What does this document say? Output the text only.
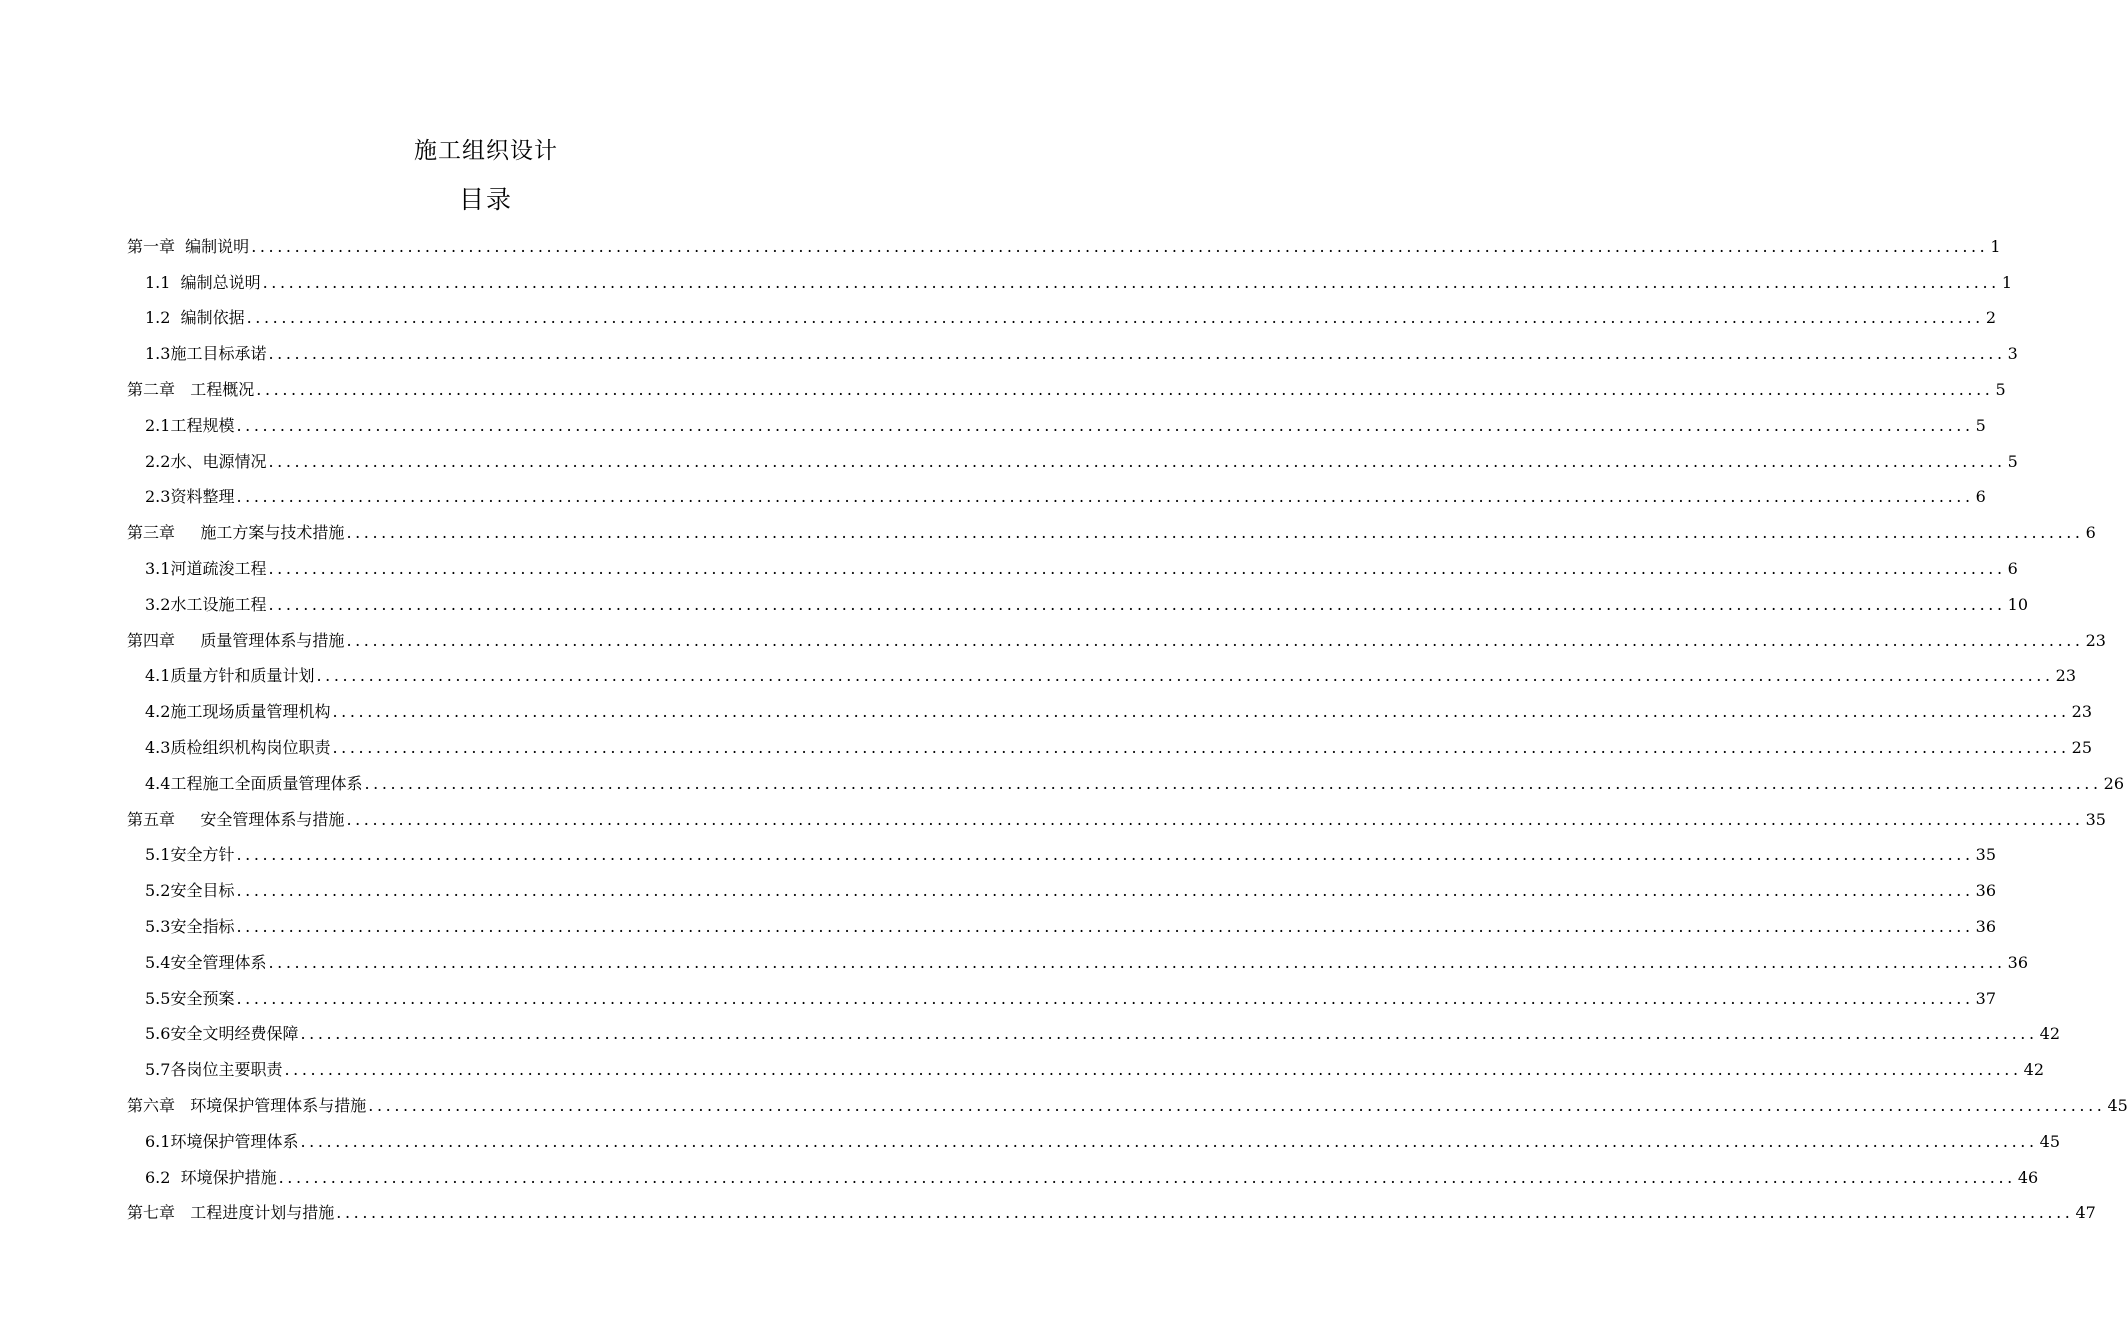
施工组织设计
目录
第一章  编制说明 ........................................................................................................................................................................................................ 1
1.1  编制总说明 ........................................................................................................................................................................................................ 1
1.2  编制依据 ........................................................................................................................................................................................................ 2
1.3施工目标承诺 ........................................................................................................................................................................................................ 3
第二章   工程概况 ........................................................................................................................................................................................................ 5
2.1工程规模 ........................................................................................................................................................................................................ 5
2.2水、电源情况 ........................................................................................................................................................................................................ 5
2.3资料整理 ........................................................................................................................................................................................................ 6
第三章     施工方案与技术措施 ........................................................................................................................................................................................................ 6
3.1河道疏浚工程 ........................................................................................................................................................................................................ 6
3.2水工设施工程 ........................................................................................................................................................................................................ 10
第四章     质量管理体系与措施 ........................................................................................................................................................................................................ 23
4.1质量方针和质量计划 ........................................................................................................................................................................................................ 23
4.2施工现场质量管理机构 ........................................................................................................................................................................................................ 23
4.3质检组织机构岗位职责 ........................................................................................................................................................................................................ 25
4.4工程施工全面质量管理体系 ........................................................................................................................................................................................................ 26
第五章     安全管理体系与措施 ........................................................................................................................................................................................................ 35
5.1安全方针 ........................................................................................................................................................................................................ 35
5.2安全目标 ........................................................................................................................................................................................................ 36
5.3安全指标 ........................................................................................................................................................................................................ 36
5.4安全管理体系 ........................................................................................................................................................................................................ 36
5.5安全预案 ........................................................................................................................................................................................................ 37
5.6安全文明经费保障 ........................................................................................................................................................................................................ 42
5.7各岗位主要职责 ........................................................................................................................................................................................................ 42
第六章   环境保护管理体系与措施 ........................................................................................................................................................................................................ 45
6.1环境保护管理体系 ........................................................................................................................................................................................................ 45
6.2  环境保护措施 ........................................................................................................................................................................................................ 46
第七章   工程进度计划与措施 ........................................................................................................................................................................................................ 47
